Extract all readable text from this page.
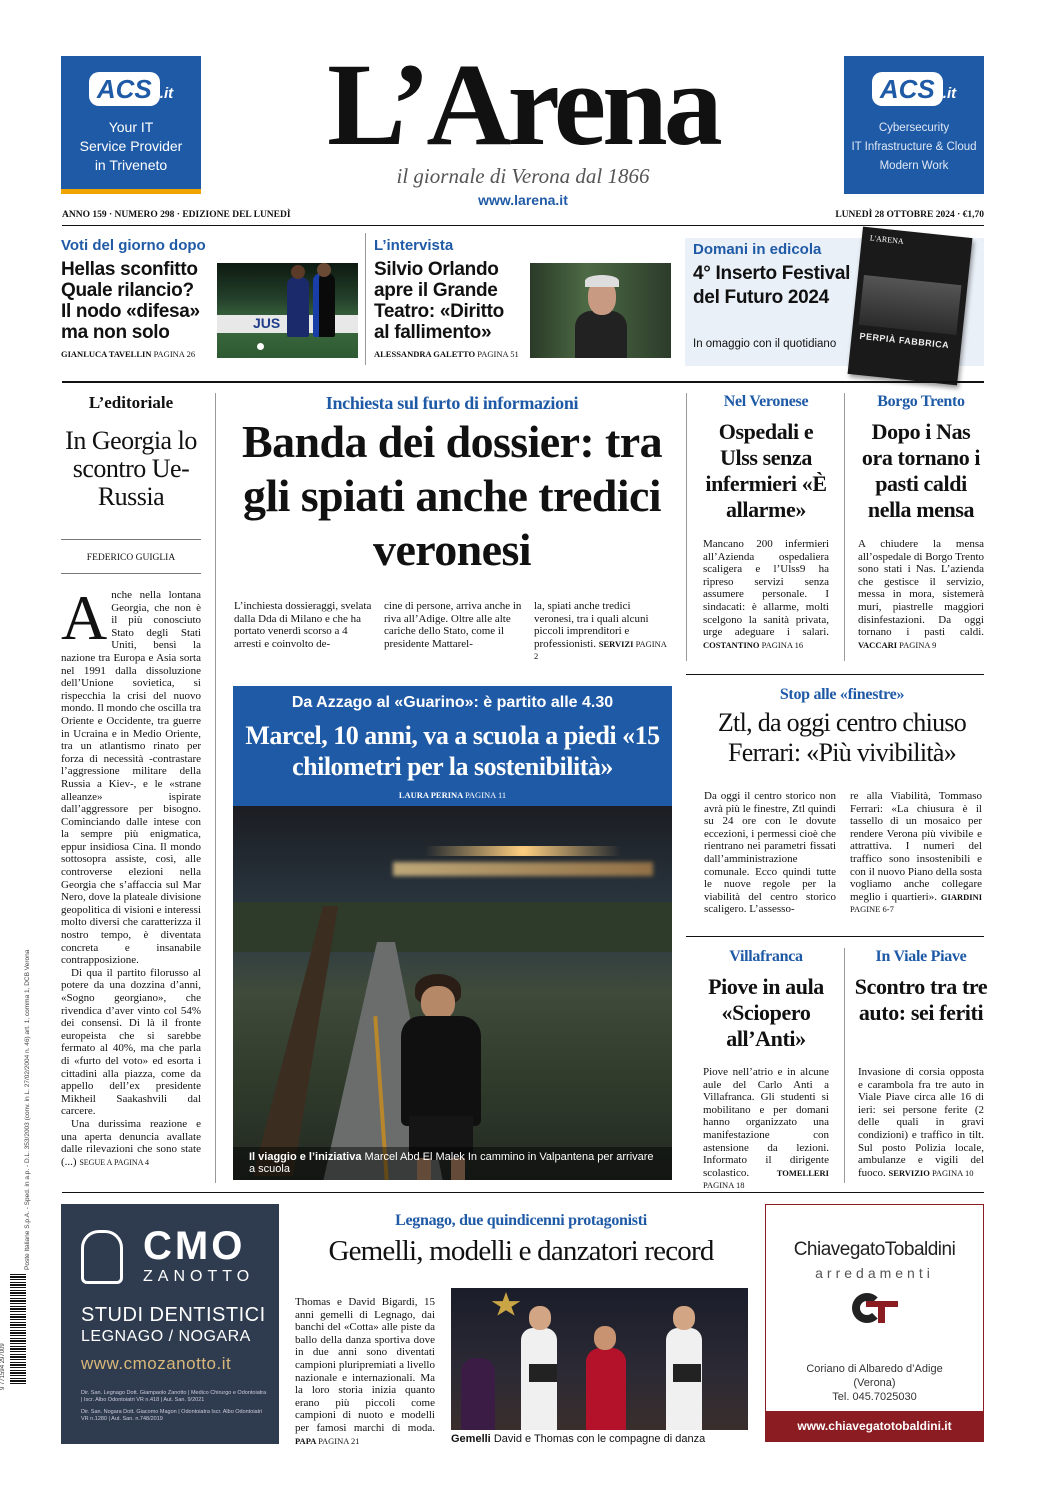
ACS .it
Your IT
Service Provider
in Triveneto	L’Arena
il giornale di Verona dal 1866
www.larena.it
ACS .it
Cybersecurity
IT Infrastructure & Cloud
Modern Work
ANNO 159 · NUMERO 298 · EDIZIONE DEL LUNEDÌ	LUNEDÌ 28 OTTOBRE 2024 · €1,70
Voti del giorno dopo
Hellas sconfitto Quale rilancio? Il nodo «difesa» ma non solo
GIANLUCA TAVELLIN PAGINA 26
JUS
L’intervista
Silvio Orlando apre il Grande Teatro: «Diritto al fallimento»
ALESSANDRA GALETTO PAGINA 51
Domani in edicola
4° Inserto Festival del Futuro 2024
In omaggio con il quotidiano
L'ARENA
PERPIÀ FABBRICA
L’editoriale
In Georgia lo scontro Ue-Russia
FEDERICO GUIGLIA
Anche nella lontana Georgia, che non è il più conosciuto Stato degli Stati Uniti, bensì la nazione tra Europa e Asia sorta nel 1991 dalla dissoluzione dell’Unione sovietica, si rispecchia la crisi del nuovo mondo. Il mondo che oscilla tra Oriente e Occidente, tra guerre in Ucraina e in Medio Oriente, tra un atlantismo rinato per forza di necessità -contrastare l’aggressione militare della Russia a Kiev-, e le «strane alleanze» ispirate dall’aggressore per bisogno. Cominciando dalle intese con la sempre più enigmatica, eppur insidiosa Cina. Il mondo sottosopra assiste, così, alle controverse elezioni nella Georgia che s’affaccia sul Mar Nero, dove la plateale divisione geopolitica di visioni e interessi molto diversi che caratterizza il nostro tempo, è diventata concreta e insanabile contrapposizione.
Di qua il partito filorusso al potere da una dozzina d’anni, «Sogno georgiano», che rivendica d’aver vinto col 54% dei consensi. Di là il fronte europeista che si sarebbe fermato al 40%, ma che parla di «furto del voto» ed esorta i cittadini alla piazza, come da appello dell’ex presidente Mikheil Saakashvili dal carcere.
Una durissima reazione e una aperta denuncia avallate dalle rilevazioni che sono state (...) SEGUE A PAGINA 4
Inchiesta sul furto di informazioni
Banda dei dossier: tra gli spiati anche tredici veronesi
L’inchiesta dossieraggi, svelata dalla Dda di Milano e che ha portato venerdì scorso a 4 arresti e coinvolto de-
cine di persone, arriva anche in riva all’Adige. Oltre alle alte cariche dello Stato, come il presidente Mattarel-
la, spiati anche tredici veronesi, tra i quali alcuni piccoli imprenditori e professionisti. SERVIZI PAGINA 2
Nel Veronese
Ospedali e Ulss senza infermieri «È allarme»
Mancano 200 infermieri all’Azienda ospedaliera scaligera e l’Ulss9 ha ripreso servizi senza assumere personale. I sindacati: è allarme, molti scelgono la sanità privata, urge adeguare i salari. COSTANTINO PAGINA 16
Borgo Trento
Dopo i Nas ora tornano i pasti caldi nella mensa
A chiudere la mensa all’ospedale di Borgo Trento sono stati i Nas. L’azienda che gestisce il servizio, messa in mora, sistemerà muri, piastrelle maggiori disinfestazioni. Da oggi tornano i pasti caldi. VACCARI PAGINA 9
Da Azzago al «Guarino»: è partito alle 4.30
Marcel, 10 anni, va a scuola a piedi «15 chilometri per la sostenibilità»
LAURA PERINA PAGINA 11
Il viaggio e l’iniziativa Marcel Abd El Malek In cammino in Valpantena per arrivare a scuola
Stop alle «finestre»
Ztl, da oggi centro chiuso Ferrari: «Più vivibilità»
Da oggi il centro storico non avrà più le finestre, Ztl quindi su 24 ore con le dovute eccezioni, i permessi cioè che rientrano nei parametri fissati dall’amministrazione comunale. Ecco quindi tutte le nuove regole per la viabilità del centro storico scaligero. L’assesso-
re alla Viabilità, Tommaso Ferrari: «La chiusura è il tassello di un mosaico per rendere Verona più vivibile e attrattiva. I numeri del traffico sono insostenibili e con il nuovo Piano della sosta vogliamo anche collegare meglio i quartieri». GIARDINI PAGINE 6-7
Villafranca
Piove in aula «Sciopero all’Anti»
Piove nell’atrio e in alcune aule del Carlo Anti a Villafranca. Gli studenti si mobilitano e per domani hanno organizzato una manifestazione con astensione da lezioni. Informato il dirigente scolastico.	TOMELLERI PAGINA 18
In Viale Piave
Scontro tra tre auto: sei feriti
Invasione di corsia opposta e carambola fra tre auto in Viale Piave circa alle 16 di ieri: sei persone ferite (2 delle quali in gravi condizioni) e traffico in tilt. Sul posto Polizia locale, ambulanze e vigili del fuoco. SERVIZIO PAGINA 10
Poste Italiane S.p.A. - Sped. in a.p. - D.L. 353/2003 (conv. in L. 27/02/2004 n. 46) art. 1, comma 1, DCB Verona
9 771594 297009
CMO
ZANOTTO
STUDI DENTISTICI
LEGNAGO / NOGARA
www.cmozanotto.it
Dir. San. Legnago Dott. Giampaolo Zanotto | Medico Chirurgo e Odontoiatra | Iscr. Albo Odontoiatri VR n.418 | Aut. San. 9/2021
Dir. San. Nogara Dott. Giacomo Magon | Odontoiatra Iscr. Albo Odontoiatri VR n.1280 | Aut. San. n.748/2019
Legnago, due quindicenni protagonisti
Gemelli, modelli e danzatori record
Thomas e David Bigardi, 15 anni gemelli di Legnago, dai banchi del «Cotta» alle piste da ballo della danza sportiva dove in due anni sono diventati campioni pluripremiati a livello nazionale e internazionali. Ma la loro storia inizia quanto erano più piccoli come campioni di nuoto e modelli per famosi marchi di moda. PAPA PAGINA 21	Gemelli David e Thomas con le compagne di danza
ChiavegatoTobaldini
arredamenti
Coriano di Albaredo d’Adige
(Verona)
Tel. 045.7025030
www.chiavegatotobaldini.it
